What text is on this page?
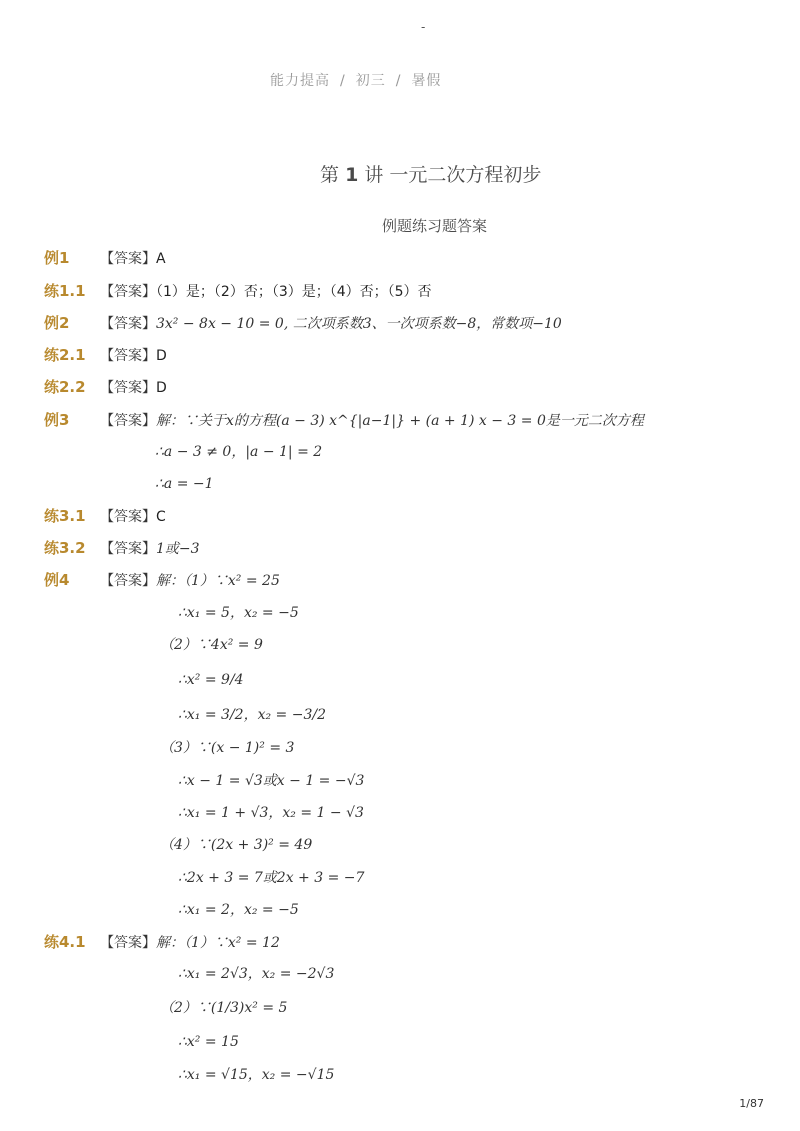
-
能力提高 / 初三 / 暑假
第 1 讲 一元二次方程初步
例题练习题答案
例1 【答案】A
练1.1 【答案】（1）是；（2）否；（3）是；（4）否；（5）否
例2 【答案】3x² − 8x − 10 = 0, 二次项系数3、一次项系数−8，常数项−10
练2.1 【答案】D
练2.2 【答案】D
例3 【答案】解：∵关于x的方程(a − 3) x^{|a−1|} + (a + 1) x − 3 = 0是一元二次方程
∴a − 3 ≠ 0，|a − 1| = 2
∴a = −1
练3.1 【答案】C
练3.2 【答案】1或−3
例4 【答案】解：（1）∵x² = 25
∴x₁ = 5，x₂ = −5
（2）∵4x² = 9
∴x² = 9/4
∴x₁ = 3/2，x₂ = −3/2
（3）∵(x − 1)² = 3
∴x − 1 = √3或x − 1 = −√3
∴x₁ = 1 + √3，x₂ = 1 − √3
（4）∵(2x + 3)² = 49
∴2x + 3 = 7或2x + 3 = −7
∴x₁ = 2，x₂ = −5
练4.1 【答案】解：（1）∵x² = 12
∴x₁ = 2√3，x₂ = −2√3
（2）∵(1/3)x² = 5
∴x² = 15
∴x₁ = √15，x₂ = −√15
1/87
